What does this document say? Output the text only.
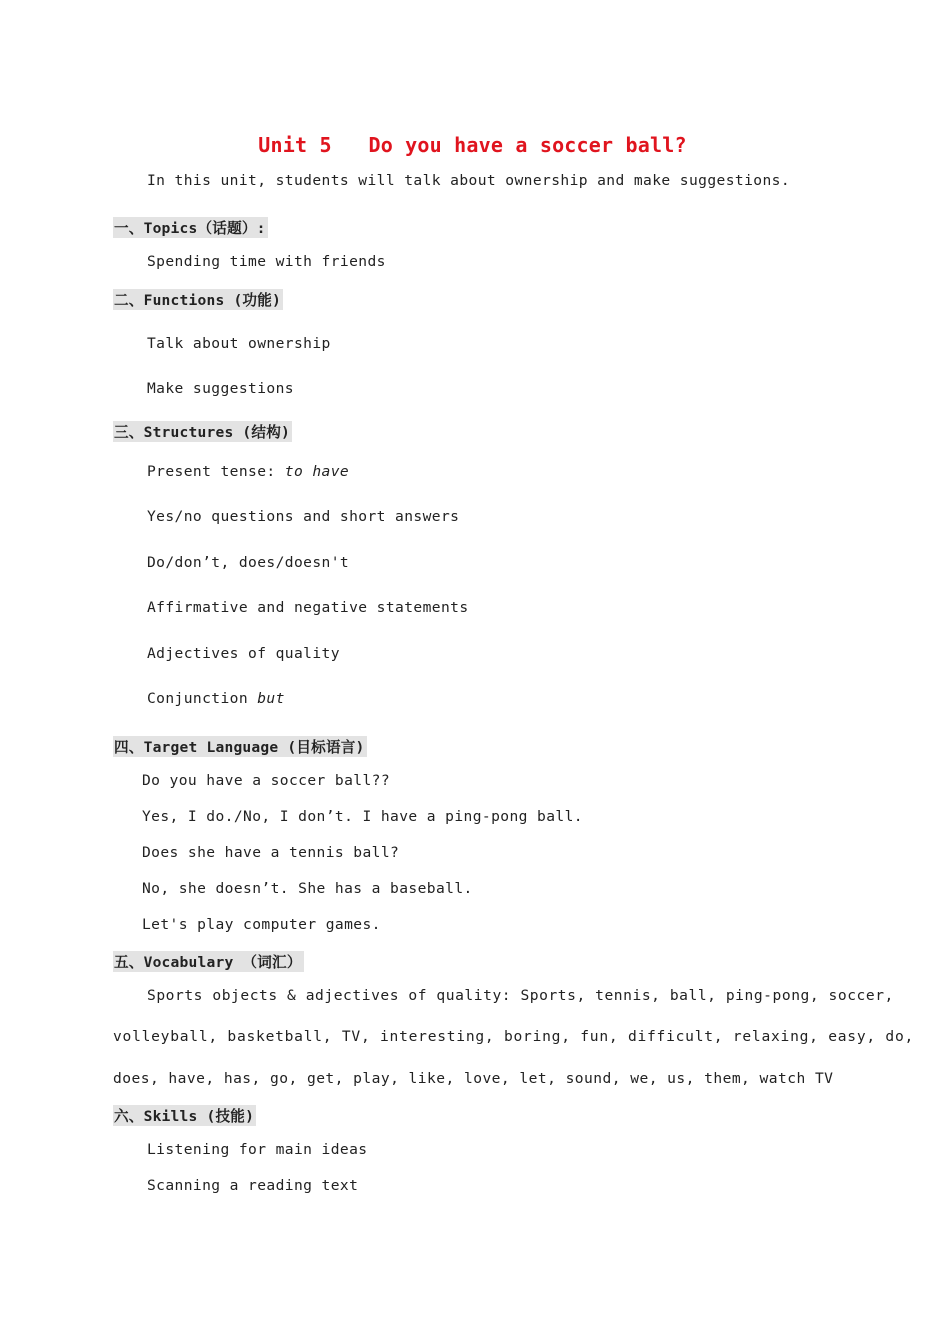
Unit 5   Do you have a soccer ball?
In this unit, students will talk about ownership and make suggestions.
一、Topics（话题）:
Spending time with friends
二、Functions (功能)
Talk about ownership
Make suggestions
三、Structures (结构)
Present tense: to have
Yes/no questions and short answers
Do/don’t, does/doesn't
Affirmative and negative statements
Adjectives of quality
Conjunction but
四、Target Language (目标语言)
Do you have a soccer ball??
Yes, I do./No, I don’t. I have a ping-pong ball.
Does she have a tennis ball?
No, she doesn’t. She has a baseball.
Let's play computer games.
五、Vocabulary （词汇）
Sports objects & adjectives of quality: Sports, tennis, ball, ping-pong, soccer,
volleyball, basketball, TV, interesting, boring, fun, difficult, relaxing, easy, do,
does, have, has, go, get, play, like, love, let, sound, we, us, them, watch TV
六、Skills (技能)
Listening for main ideas
Scanning a reading text
